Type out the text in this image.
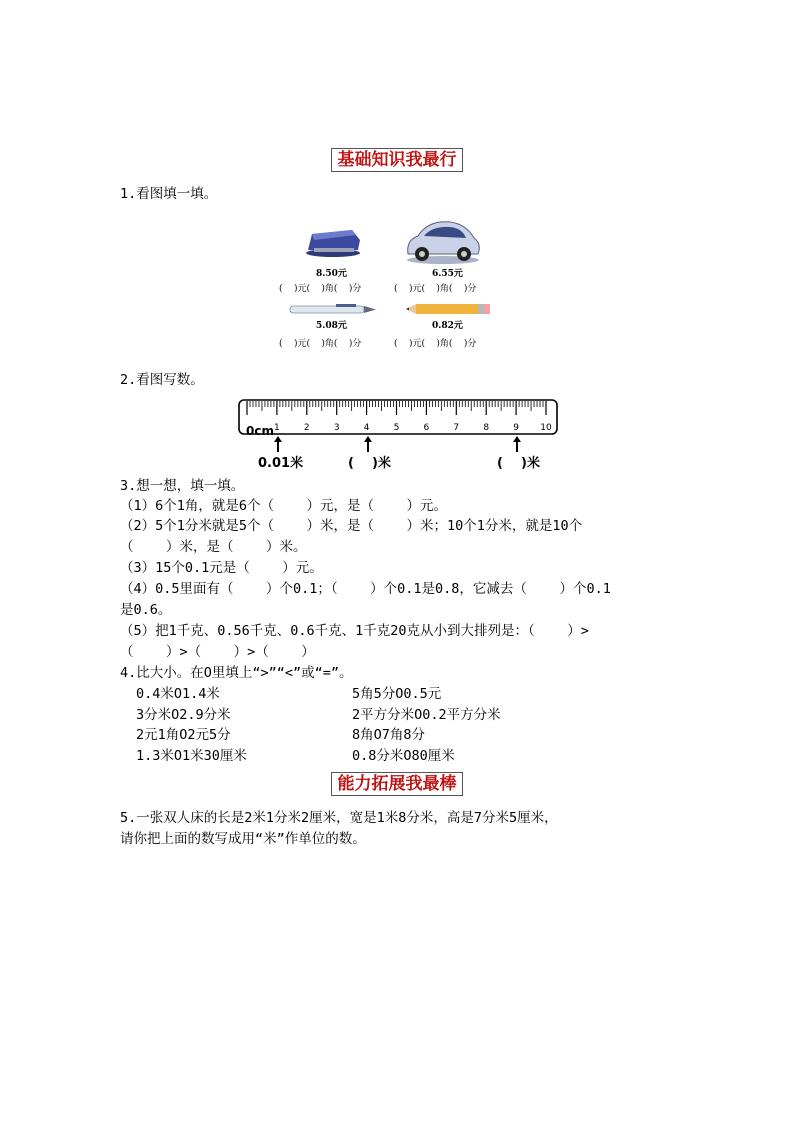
基础知识我最行
1.看图填一填。
8.50元
(    )元(    )角(    )分
6.55元
(    )元(    )角(    )分
5.08元
(    )元(    )角(    )分
0.82元
(    )元(    )角(    )分
2.看图写数。
1	2	3	4	5	6	7	8	9 10
0cm
0.01米	(    )米	(    )米
3.想一想，填一填。
（1）6个1角，就是6个（    ）元，是（    ）元。
（2）5个1分米就是5个（    ）米，是（    ）米；10个1分米，就是10个
（    ）米，是（    ）米。
（3）15个0.1元是（    ）元。
（4）0.5里面有（    ）个0.1；（    ）个0.1是0.8，它减去（    ）个0.1
是0.6。
（5）把1千克、0.56千克、0.6千克、1千克20克从小到大排列是：（    ）>
（    ）>（    ）>（    ）
4.比大小。在O里填上“>”“<”或“=”。
0.4米O1.4米
3分米O2.9分米
2元1角O2元5分
1.3米O1米30厘米
5角5分O0.5元
2平方分米O0.2平方分米
8角O7角8分
0.8分米O80厘米
能力拓展我最棒
5.一张双人床的长是2米1分米2厘米，宽是1米8分米，高是7分米5厘米，
请你把上面的数写成用“米”作单位的数。
